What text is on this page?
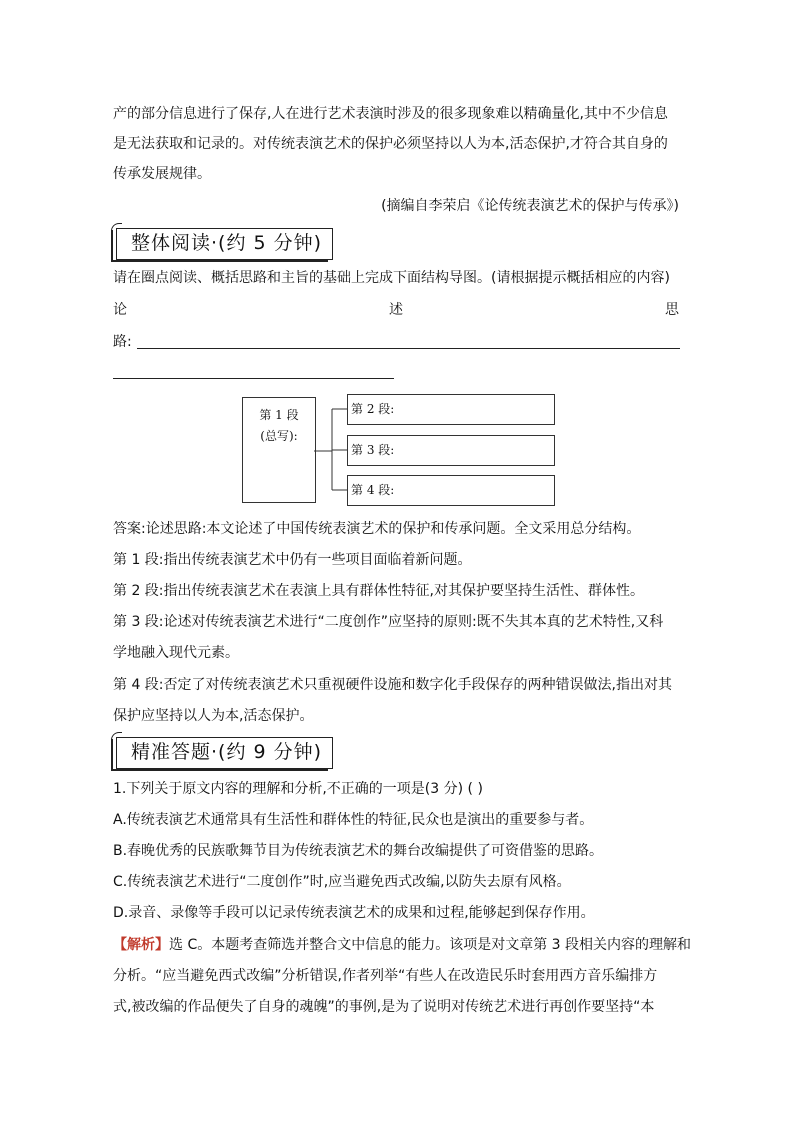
产的部分信息进行了保存,人在进行艺术表演时涉及的很多现象难以精确量化,其中不少信息
是无法获取和记录的。对传统表演艺术的保护必须坚持以人为本,活态保护,才符合其自身的
传承发展规律。
(摘编自李荣启《论传统表演艺术的保护与传承》)
整体阅读·(约 5 分钟)
请在圈点阅读、概括思路和主旨的基础上完成下面结构导图。(请根据提示概括相应的内容)
论	述	思
路:
第 1 段
(总写):
第 2 段:
第 3 段:
第 4 段:
答案:论述思路:本文论述了中国传统表演艺术的保护和传承问题。全文采用总分结构。
第 1 段:指出传统表演艺术中仍有一些项目面临着新问题。
第 2 段:指出传统表演艺术在表演上具有群体性特征,对其保护要坚持生活性、群体性。
第 3 段:论述对传统表演艺术进行“二度创作”应坚持的原则:既不失其本真的艺术特性,又科
学地融入现代元素。
第 4 段:否定了对传统表演艺术只重视硬件设施和数字化手段保存的两种错误做法,指出对其
保护应坚持以人为本,活态保护。
精准答题·(约 9 分钟)
1.下列关于原文内容的理解和分析,不正确的一项是(3 分) ( )
A.传统表演艺术通常具有生活性和群体性的特征,民众也是演出的重要参与者。
B.春晚优秀的民族歌舞节目为传统表演艺术的舞台改编提供了可资借鉴的思路。
C.传统表演艺术进行“二度创作”时,应当避免西式改编,以防失去原有风格。
D.录音、录像等手段可以记录传统表演艺术的成果和过程,能够起到保存作用。
【解析】选 C。本题考查筛选并整合文中信息的能力。该项是对文章第 3 段相关内容的理解和
分析。“应当避免西式改编”分析错误,作者列举“有些人在改造民乐时套用西方音乐编排方
式,被改编的作品便失了自身的魂魄”的事例,是为了说明对传统艺术进行再创作要坚持“本
